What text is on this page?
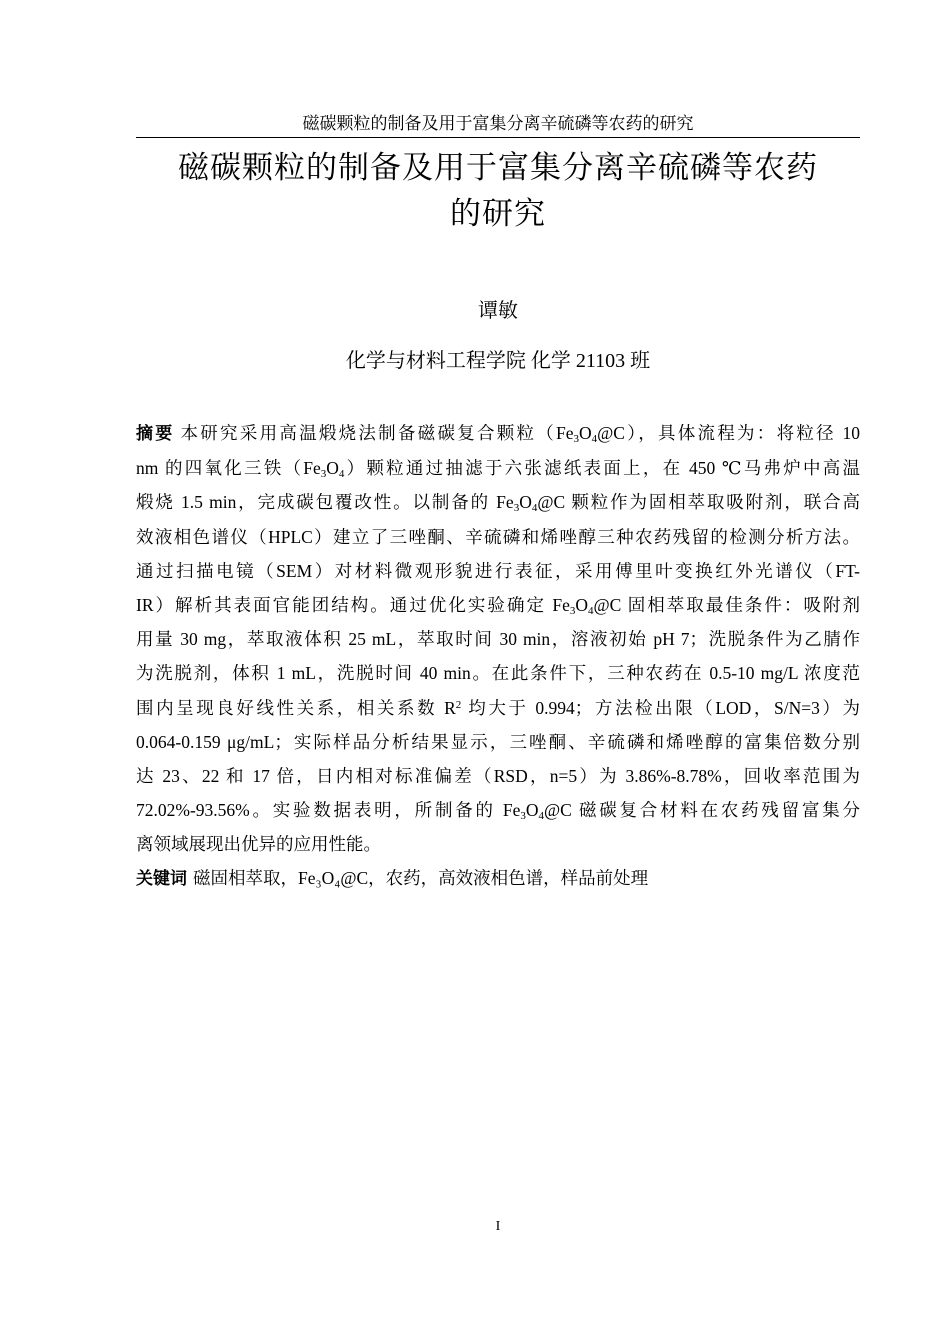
磁碳颗粒的制备及用于富集分离辛硫磷等农药的研究
磁碳颗粒的制备及用于富集分离辛硫磷等农药
的研究
谭敏
化学与材料工程学院 化学 21103 班
摘要 本研究采用高温煅烧法制备磁碳复合颗粒$(Fe_3O_4@C)$，具体流程为：将粒径 10
nm 的四氧化三铁$(Fe_3O_4)$颗粒通过抽滤于六张滤纸表面上，在 450 ℃马弗炉中高温
煅烧 1.5 min，完成碳包覆改性。以制备的 $Fe_3O_4@C$ 颗粒作为固相萃取吸附剂，联合高
效液相色谱仪（HPLC）建立了三唑酮、辛硫磷和烯唑醇三种农药残留的检测分析方法。
通过扫描电镜（SEM）对材料微观形貌进行表征，采用傅里叶变换红外光谱仪（FT-
IR）解析其表面官能团结构。通过优化实验确定 $Fe_3O_4@C$ 固相萃取最佳条件：吸附剂
用量 30 mg，萃取液体积 25 mL，萃取时间 30 min，溶液初始 pH 7；洗脱条件为乙腈作
为洗脱剂，体积 1 mL，洗脱时间 40 min。在此条件下，三种农药在 0.5-10 mg/L 浓度范
围内呈现良好线性关系，相关系数 $R^2$ 均大于 0.994；方法检出限（LOD，S/N=3）为
0.064-0.159 μg/mL；实际样品分析结果显示，三唑酮、辛硫磷和烯唑醇的富集倍数分别
达 23、22 和 17 倍，日内相对标准偏差（RSD，n=5）为 3.86%-8.78%，回收率范围为
72.02%-93.56%。实验数据表明，所制备的 $Fe_3O_4@C$ 磁碳复合材料在农药残留富集分
离领域展现出优异的应用性能。
关键词 磁固相萃取，Fe₃O₄@C，农药，高效液相色谱，样品前处理
I
